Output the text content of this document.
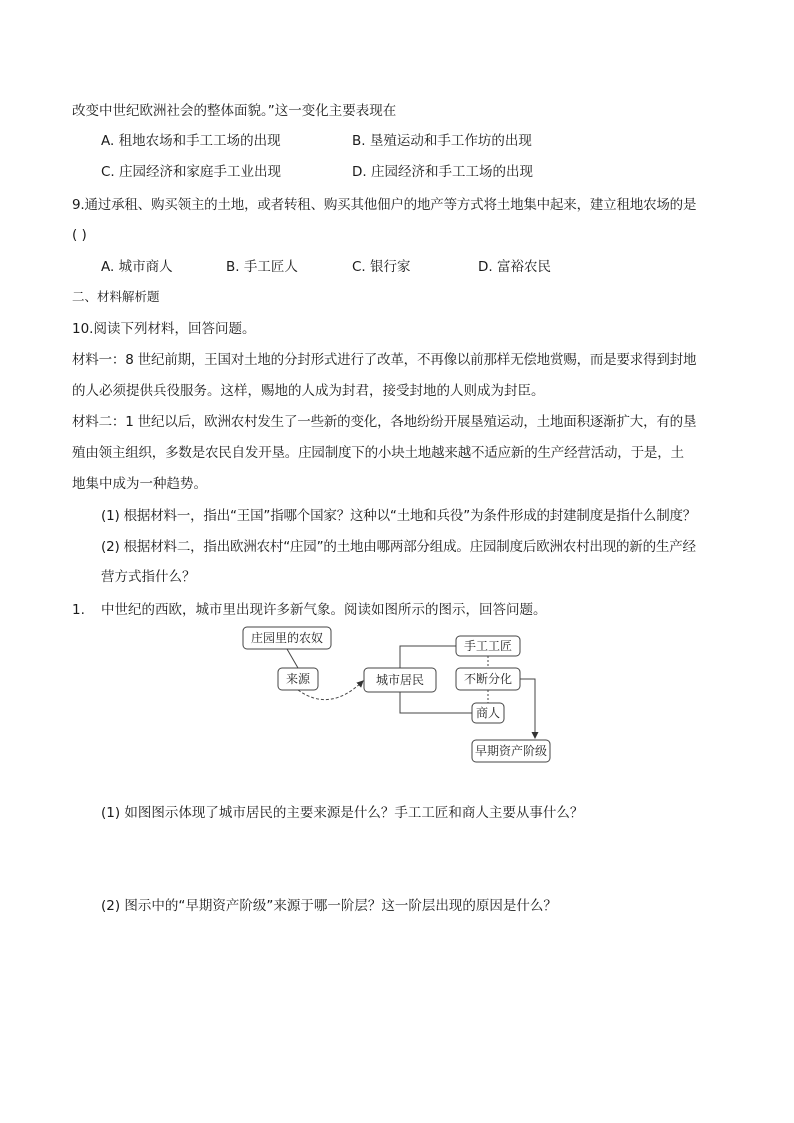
改变中世纪欧洲社会的整体面貌。”这一变化主要表现在
A. 租地农场和手工工场的出现	B. 垦殖运动和手工作坊的出现
C. 庄园经济和家庭手工业出现	D. 庄园经济和手工工场的出现
9.通过承租、购买领主的土地，或者转租、购买其他佃户的地产等方式将土地集中起来，建立租地农场的是
( )
A. 城市商人	B. 手工匠人	C. 银行家	D. 富裕农民
二、材料解析题
10.阅读下列材料，回答问题。
材料一：8 世纪前期，王国对土地的分封形式进行了改革，不再像以前那样无偿地赏赐，而是要求得到封地
的人必须提供兵役服务。这样，赐地的人成为封君，接受封地的人则成为封臣。
材料二：1 世纪以后，欧洲农村发生了一些新的变化，各地纷纷开展垦殖运动，土地面积逐渐扩大，有的垦
殖由领主组织，多数是农民自发开垦。庄园制度下的小块土地越来越不适应新的生产经营活动，于是，土
地集中成为一种趋势。
(1) 根据材料一，指出“王国”指哪个国家？这种以“土地和兵役”为条件形成的封建制度是指什么制度？
(2) 根据材料二，指出欧洲农村“庄园”的土地由哪两部分组成。庄园制度后欧洲农村出现的新的生产经
营方式指什么？
1. 中世纪的西欧，城市里出现许多新气象。阅读如图所示的图示，回答问题。
庄园里的农奴
来源	城市居民
手工工匠
不断分化
商人
早期资产阶级
(1) 如图图示体现了城市居民的主要来源是什么？手工工匠和商人主要从事什么？
(2) 图示中的“早期资产阶级”来源于哪一阶层？这一阶层出现的原因是什么？
